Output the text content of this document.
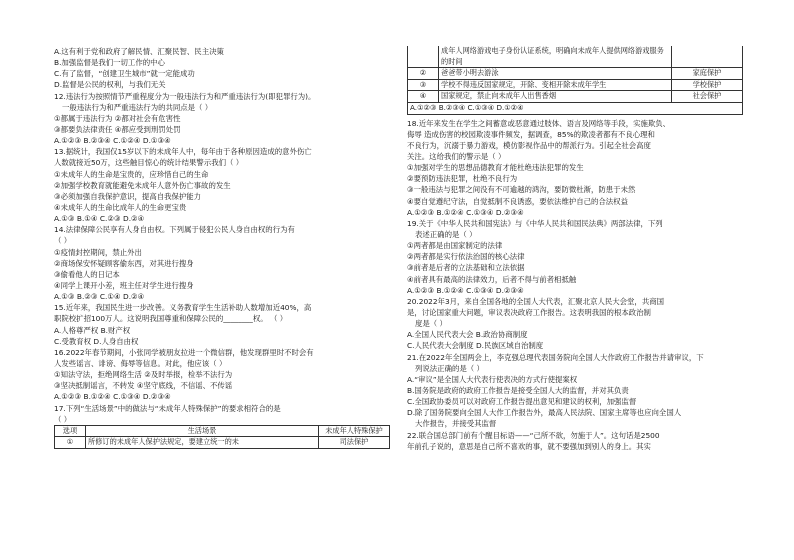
A.这有利于党和政府了解民情、汇聚民智、民主决策
B.加强监督是我们一切工作的中心
C.有了监督，“创建卫生城市”就一定能成功
D.监督是公民的权利，与我们无关
12.违法行为按照情节严重程度分为一般违法行为和严重违法行为(即犯罪行为)。
一般违法行为和严重违法行为的共同点是（ ）
①都属于违法行为 ②都对社会有危害性
③都要负法律责任 ④都应受到刑罚处罚
A.①②③ B.②③④ C.①②④ D.①③④
13.据统计，我国仅15岁以下的未成年人中，每年由于各种原因造成的意外伤亡
人数就接近50万，这些触目惊心的统计结果警示我们（ ）
①未成年人的生命是宝贵的，应珍惜自己的生命
②加强学校教育就能避免未成年人意外伤亡事故的发生
③必须加强自我保护意识，提高自我保护能力
④未成年人的生命比成年人的生命更宝贵
A.①③ B.①④ C.②③ D.②④
14.法律保障公民享有人身自由权。下列属于侵犯公民人身自由权的行为有
（ ）
①疫情封控期间，禁止外出
②商场保安怀疑顾客偷东西，对其进行搜身
③偷看他人的日记本
④同学上课开小差，班主任对学生进行搜身
A.①③ B.②③ C.①④ D.②④
15.近年来，我国民生进一步改善。义务教育学生生活补助人数增加近40%，高
职院校扩招100万人。这说明我国尊重和保障公民的________权。 （ ）
A.人格尊严权 B.财产权
C.受教育权 D.人身自由权
16.2022年春节期间，小张同学被朋友拉进一个微信群，他发现群里时不时会有
人发些谣言、诽谤、侮辱等信息。对此，他应该（ ）
①知法守法，拒绝网络生活 ②及时举报，检举不法行为
③坚决抵制谣言，不转发 ④坚守底线，不信谣、不传谣
A.①②③ B.①②④ C.①③④ D.②③④
17.下列“生活场景”中的做法与“未成年人特殊保护”的要求相符合的是
（ ）
选项	生活场景	未成年人特殊保护
①	所修订的未成年人保护法规定，要建立统一的未	司法保护
	成年人网络游戏电子身份认证系统，明确向未成年人提供网络游戏服务的时间	
②	爸爸带小明去游泳	家庭保护
③	学校不得违反国家规定，开除、变相开除未成年学生	学校保护
④	国家规定，禁止向未成年人出售香烟	社会保护
A.①②③ B.②③④ C.①③④ D.①②④		
18.近年来发生在学生之间蓄意或恶意通过肢体、语言及网络等手段，实施欺负、
侮辱 造成伤害的校园欺凌事件频发，据调查，85%的欺凌者都有不良心理和
不良行为，沉溺于暴力游戏，模仿影视作品中的帮派行为。引起全社会高度
关注。这给我们的警示是（ ）
①加强对学生的思想品德教育才能杜绝违法犯罪的发生
②要预防违法犯罪，杜绝不良行为
③一般违法与犯罪之间没有不可逾越的鸿沟，要防微杜渐，防患于未然
④要自觉遵纪守法，自觉抵制不良诱惑，要依法维护自己的合法权益
A.①②③ B.①②④ C.①③④ D.②③④
19.关于《中华人民共和国宪法》与《中华人民共和国民法典》两部法律，下列
表述正确的是（ ）
①两者都是由国家制定的法律
②两者都是实行依法治国的核心法律
③前者是后者的立法基础和立法依据
④前者具有最高的法律效力，后者不得与前者相抵触
A.①②③ B.①②④ C.①③④ D.②③④
20.2022年3月，来自全国各地的全国人大代表，汇聚北京人民大会堂，共商国
是，讨论国家重大问题，审议表决政府工作报告。这表明我国的根本政治制
度是（ ）
A.全国人民代表大会 B.政治协商制度
C.人民代表大会制度 D.民族区域自治制度
21.在2022年全国两会上，李克强总理代表国务院向全国人大作政府工作报告并请审议，下
列说法正确的是（ ）
A.“审议”是全国人大代表行使表决的方式行使提案权
B.国务院是政府的政府工作报告是接受全国人大的监督，并对其负责
C.全国政协委员可以对政府工作报告提出意见和建议的权利，加强监督
D.除了国务院要向全国人大作工作报告外，最高人民法院、国家主席等也应向全国人
大作报告，并接受其监督
22.联合国总部门前有个醒目标语——“己所不欲，勿施于人”。这句话是2500
年前孔子说的，意思是自己所不喜欢的事，就不要强加到别人的身上。其实
